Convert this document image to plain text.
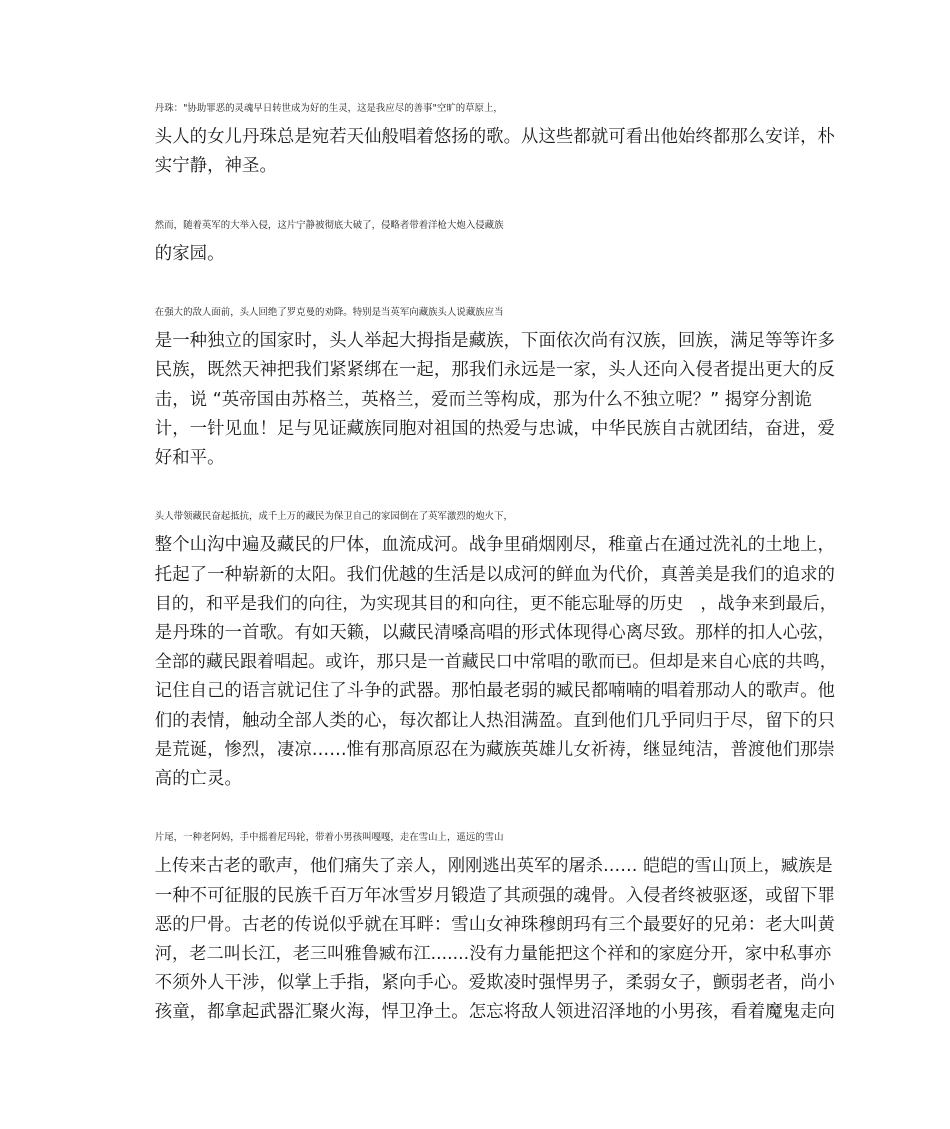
丹珠："协助罪恶的灵魂早日转世成为好的生灵，这是我应尽的善事"空旷的草原上，
头人的女儿丹珠总是宛若天仙般唱着悠扬的歌。从这些都就可看出他始终都那么安详，朴
实宁静，神圣。

然而，随着英军的大举入侵，这片宁静被彻底大破了，侵略者带着洋枪大炮入侵藏族
的家园。

在强大的敌人面前，头人回绝了罗克曼的劝降。特别是当英军向藏族头人说藏族应当
是一种独立的国家时，头人举起大拇指是藏族，下面依次尚有汉族，回族，满足等等许多
民族，既然天神把我们紧紧绑在一起，那我们永远是一家，头人还向入侵者提出更大的反
击，说 “英帝国由苏格兰，英格兰，爱而兰等构成，那为什么不独立呢？” 揭穿分割诡
计，一针见血！足与见证藏族同胞对祖国的热爱与忠诚，中华民族自古就团结，奋进，爱
好和平。

头人带领藏民奋起抵抗，成千上万的藏民为保卫自己的家园倒在了英军激烈的炮火下，
整个山沟中遍及藏民的尸体，血流成河。战争里硝烟刚尽，稚童占在通过洗礼的土地上，
托起了一种崭新的太阳。我们优越的生活是以成河的鲜血为代价，真善美是我们的追求的
目的，和平是我们的向往，为实现其目的和向往，更不能忘耻辱的历史　，战争来到最后，
是丹珠的一首歌。有如天籁，以藏民清嗓高唱的形式体现得心离尽致。那样的扣人心弦，
全部的藏民跟着唱起。或许，那只是一首藏民口中常唱的歌而已。但却是来自心底的共鸣，
记住自己的语言就记住了斗争的武器。那怕最老弱的臧民都喃喃的唱着那动人的歌声。他
们的表情，触动全部人类的心，每次都让人热泪满盈。直到他们几乎同归于尽，留下的只
是荒诞，惨烈，凄凉……惟有那高原忍在为藏族英雄儿女祈祷，继显纯洁，普渡他们那崇
高的亡灵。

片尾，一种老阿妈，手中摇着尼玛轮，带着小男孩叫嘎嘎，走在雪山上，遥远的雪山
上传来古老的歌声，他们痛失了亲人，刚刚逃出英军的屠杀…… 皑皑的雪山顶上，臧族是
一种不可征服的民族千百万年冰雪岁月锻造了其顽强的魂骨。入侵者终被驱逐，或留下罪
恶的尸骨。古老的传说似乎就在耳畔：雪山女神珠穆朗玛有三个最要好的兄弟：老大叫黄
河，老二叫长江，老三叫雅鲁臧布江.......没有力量能把这个祥和的家庭分开，家中私事亦
不须外人干涉，似掌上手指，紧向手心。爱欺凌时强悍男子，柔弱女子，颤弱老者，尚小
孩童，都拿起武器汇聚火海，悍卫净土。怎忘将敌人领进沼泽地的小男孩，看着魔鬼走向
